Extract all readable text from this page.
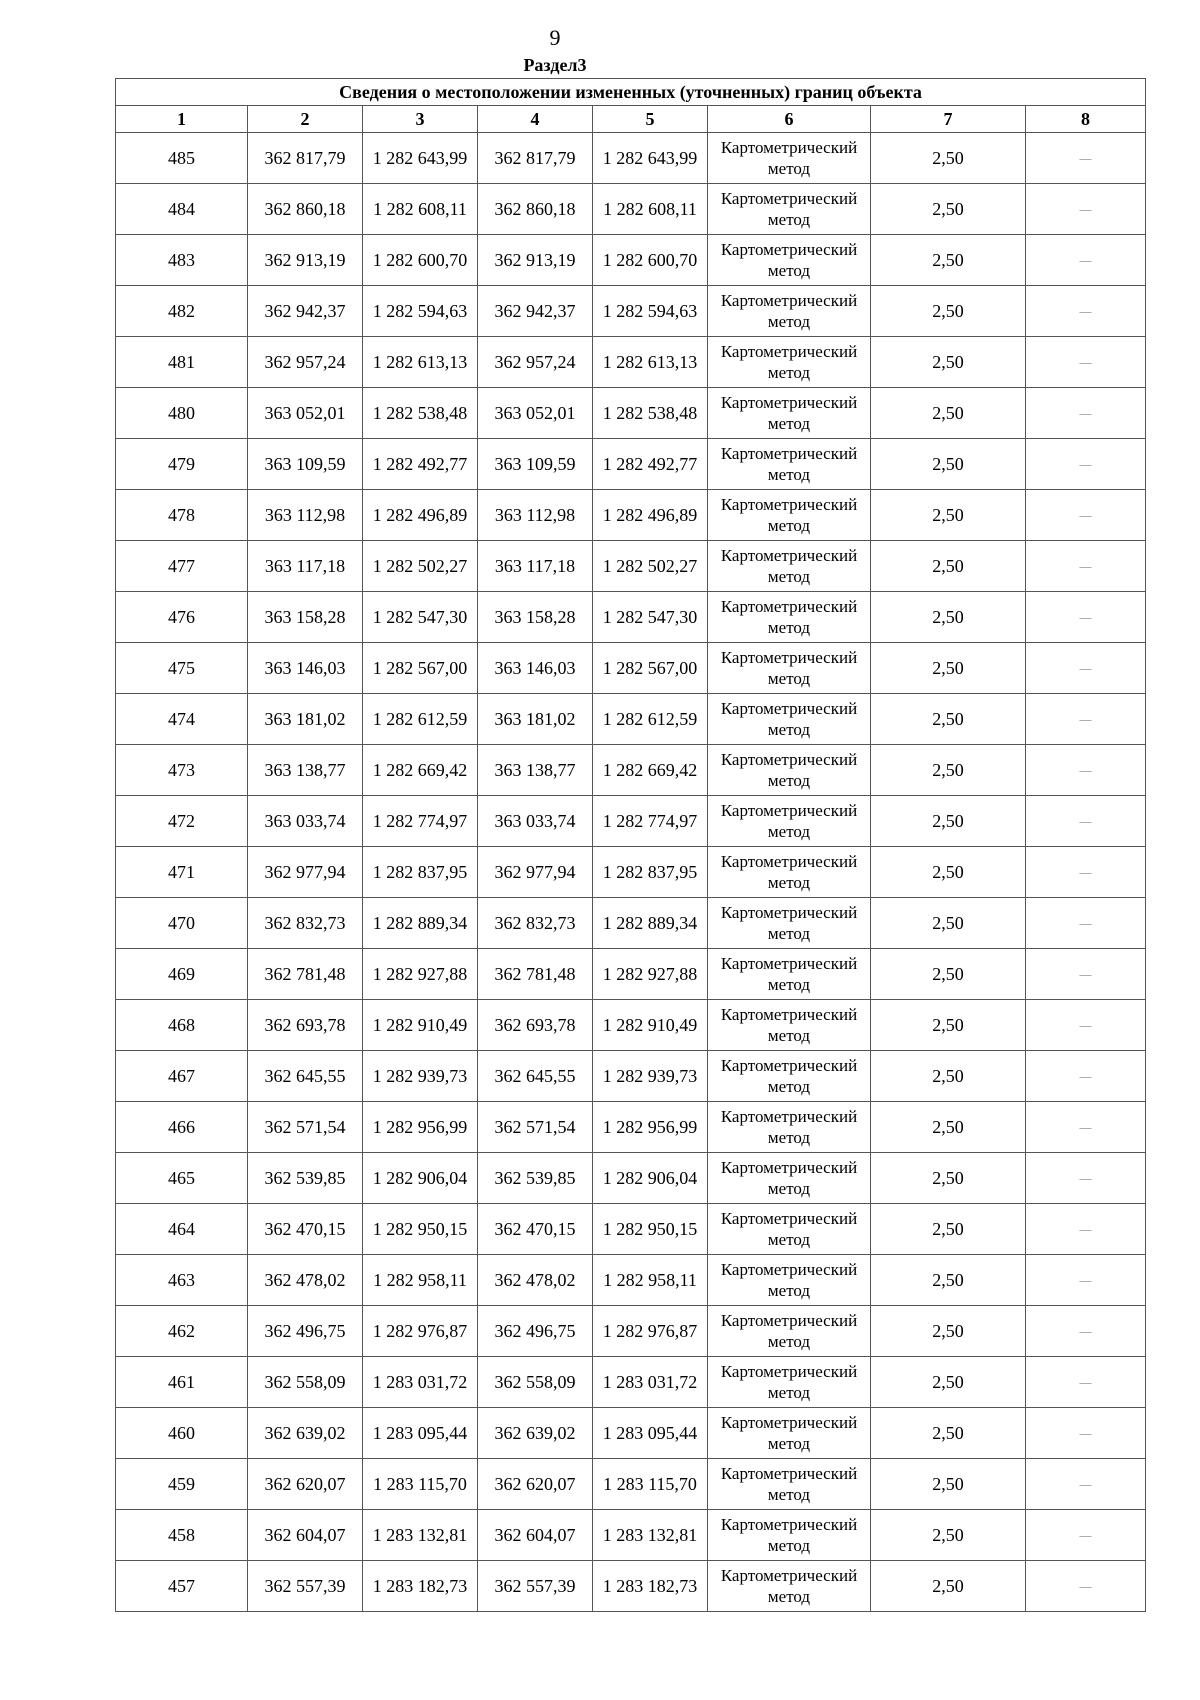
9
Раздел3
Сведения о местоположении измененных (уточненных) границ объекта							
1	2	3	4	5	6	7	8
485	362 817,79	1 282 643,99	362 817,79	1 282 643,99	Картометрический метод	2,50	—
484	362 860,18	1 282 608,11	362 860,18	1 282 608,11	Картометрический метод	2,50	—
483	362 913,19	1 282 600,70	362 913,19	1 282 600,70	Картометрический метод	2,50	—
482	362 942,37	1 282 594,63	362 942,37	1 282 594,63	Картометрический метод	2,50	—
481	362 957,24	1 282 613,13	362 957,24	1 282 613,13	Картометрический метод	2,50	—
480	363 052,01	1 282 538,48	363 052,01	1 282 538,48	Картометрический метод	2,50	—
479	363 109,59	1 282 492,77	363 109,59	1 282 492,77	Картометрический метод	2,50	—
478	363 112,98	1 282 496,89	363 112,98	1 282 496,89	Картометрический метод	2,50	—
477	363 117,18	1 282 502,27	363 117,18	1 282 502,27	Картометрический метод	2,50	—
476	363 158,28	1 282 547,30	363 158,28	1 282 547,30	Картометрический метод	2,50	—
475	363 146,03	1 282 567,00	363 146,03	1 282 567,00	Картометрический метод	2,50	—
474	363 181,02	1 282 612,59	363 181,02	1 282 612,59	Картометрический метод	2,50	—
473	363 138,77	1 282 669,42	363 138,77	1 282 669,42	Картометрический метод	2,50	—
472	363 033,74	1 282 774,97	363 033,74	1 282 774,97	Картометрический метод	2,50	—
471	362 977,94	1 282 837,95	362 977,94	1 282 837,95	Картометрический метод	2,50	—
470	362 832,73	1 282 889,34	362 832,73	1 282 889,34	Картометрический метод	2,50	—
469	362 781,48	1 282 927,88	362 781,48	1 282 927,88	Картометрический метод	2,50	—
468	362 693,78	1 282 910,49	362 693,78	1 282 910,49	Картометрический метод	2,50	—
467	362 645,55	1 282 939,73	362 645,55	1 282 939,73	Картометрический метод	2,50	—
466	362 571,54	1 282 956,99	362 571,54	1 282 956,99	Картометрический метод	2,50	—
465	362 539,85	1 282 906,04	362 539,85	1 282 906,04	Картометрический метод	2,50	—
464	362 470,15	1 282 950,15	362 470,15	1 282 950,15	Картометрический метод	2,50	—
463	362 478,02	1 282 958,11	362 478,02	1 282 958,11	Картометрический метод	2,50	—
462	362 496,75	1 282 976,87	362 496,75	1 282 976,87	Картометрический метод	2,50	—
461	362 558,09	1 283 031,72	362 558,09	1 283 031,72	Картометрический метод	2,50	—
460	362 639,02	1 283 095,44	362 639,02	1 283 095,44	Картометрический метод	2,50	—
459	362 620,07	1 283 115,70	362 620,07	1 283 115,70	Картометрический метод	2,50	—
458	362 604,07	1 283 132,81	362 604,07	1 283 132,81	Картометрический метод	2,50	—
457	362 557,39	1 283 182,73	362 557,39	1 283 182,73	Картометрический метод	2,50	—
